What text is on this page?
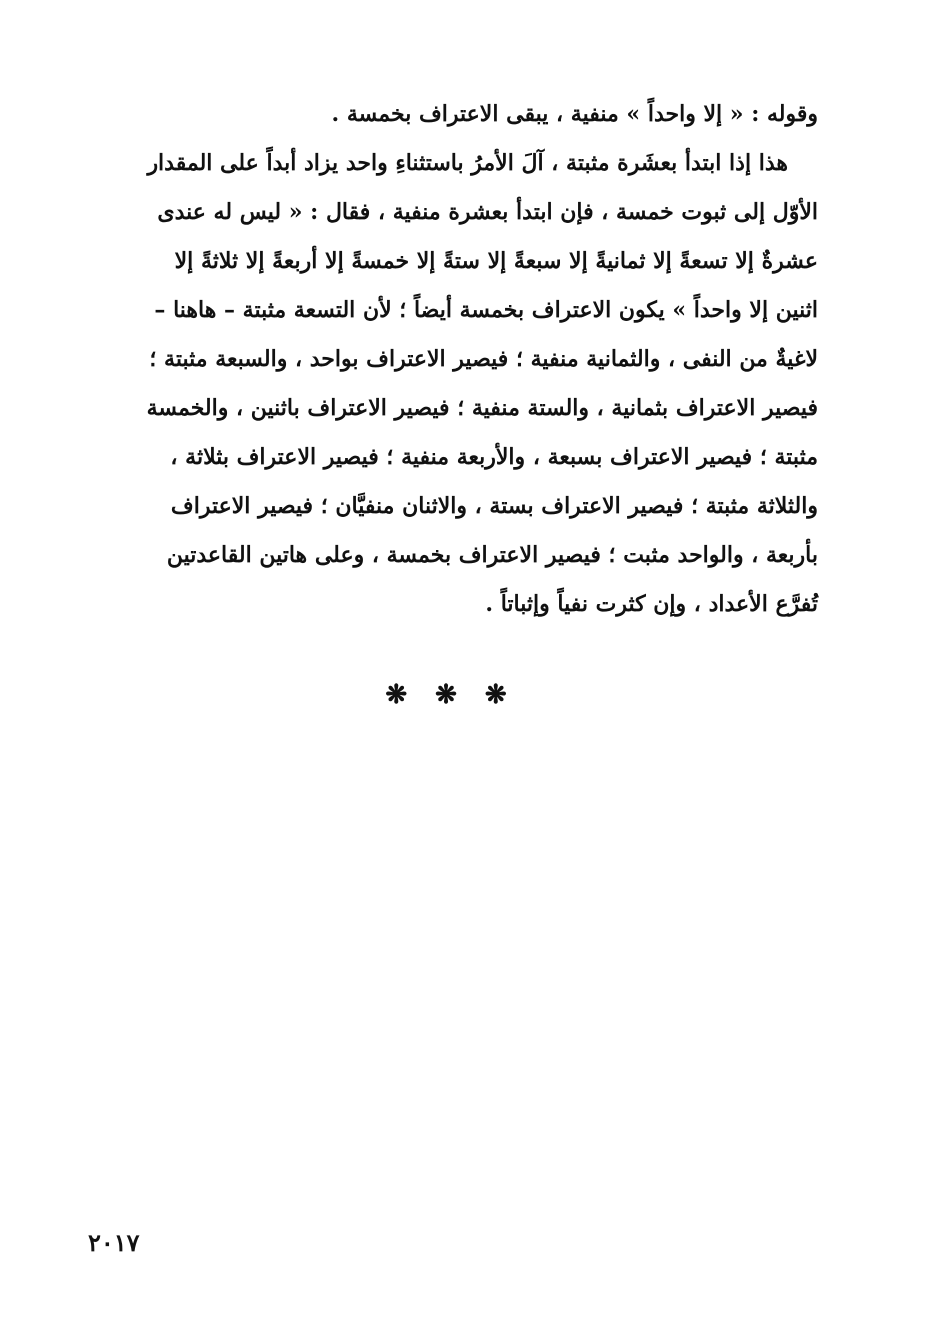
وقوله : « إلا واحداً » منفية ، يبقى الاعتراف بخمسة .
هذا إذا ابتدأ بعشَرة مثبتة ، آلَ الأمرُ باستثناءِ واحد يزاد أبداً على المقدار
الأوّل إلى ثبوت خمسة ، فإن ابتدأ بعشرة منفية ، فقال : « ليس له عندى
عشرةٌ إلا تسعةً إلا ثمانيةً إلا سبعةً إلا ستةً إلا خمسةً إلا أربعةً إلا ثلاثةً إلا
اثنين إلا واحداً » يكون الاعتراف بخمسة أيضاً ؛ لأن التسعة مثبتة – هاهنا –
لاغيةٌ من النفى ، والثمانية منفية ؛ فيصير الاعتراف بواحد ، والسبعة مثبتة ؛
فيصير الاعتراف بثمانية ، والستة منفية ؛ فيصير الاعتراف باثنين ، والخمسة
مثبتة ؛ فيصير الاعتراف بسبعة ، والأربعة منفية ؛ فيصير الاعتراف بثلاثة ،
والثلاثة مثبتة ؛ فيصير الاعتراف بستة ، والاثنان منفيَّان ؛ فيصير الاعتراف
بأربعة ، والواحد مثبت ؛ فيصير الاعتراف بخمسة ، وعلى هاتين القاعدتين
تُفرَّع الأعداد ، وإن كثرت نفياً وإثباتاً .
❋❋❋
٢٠١٧
